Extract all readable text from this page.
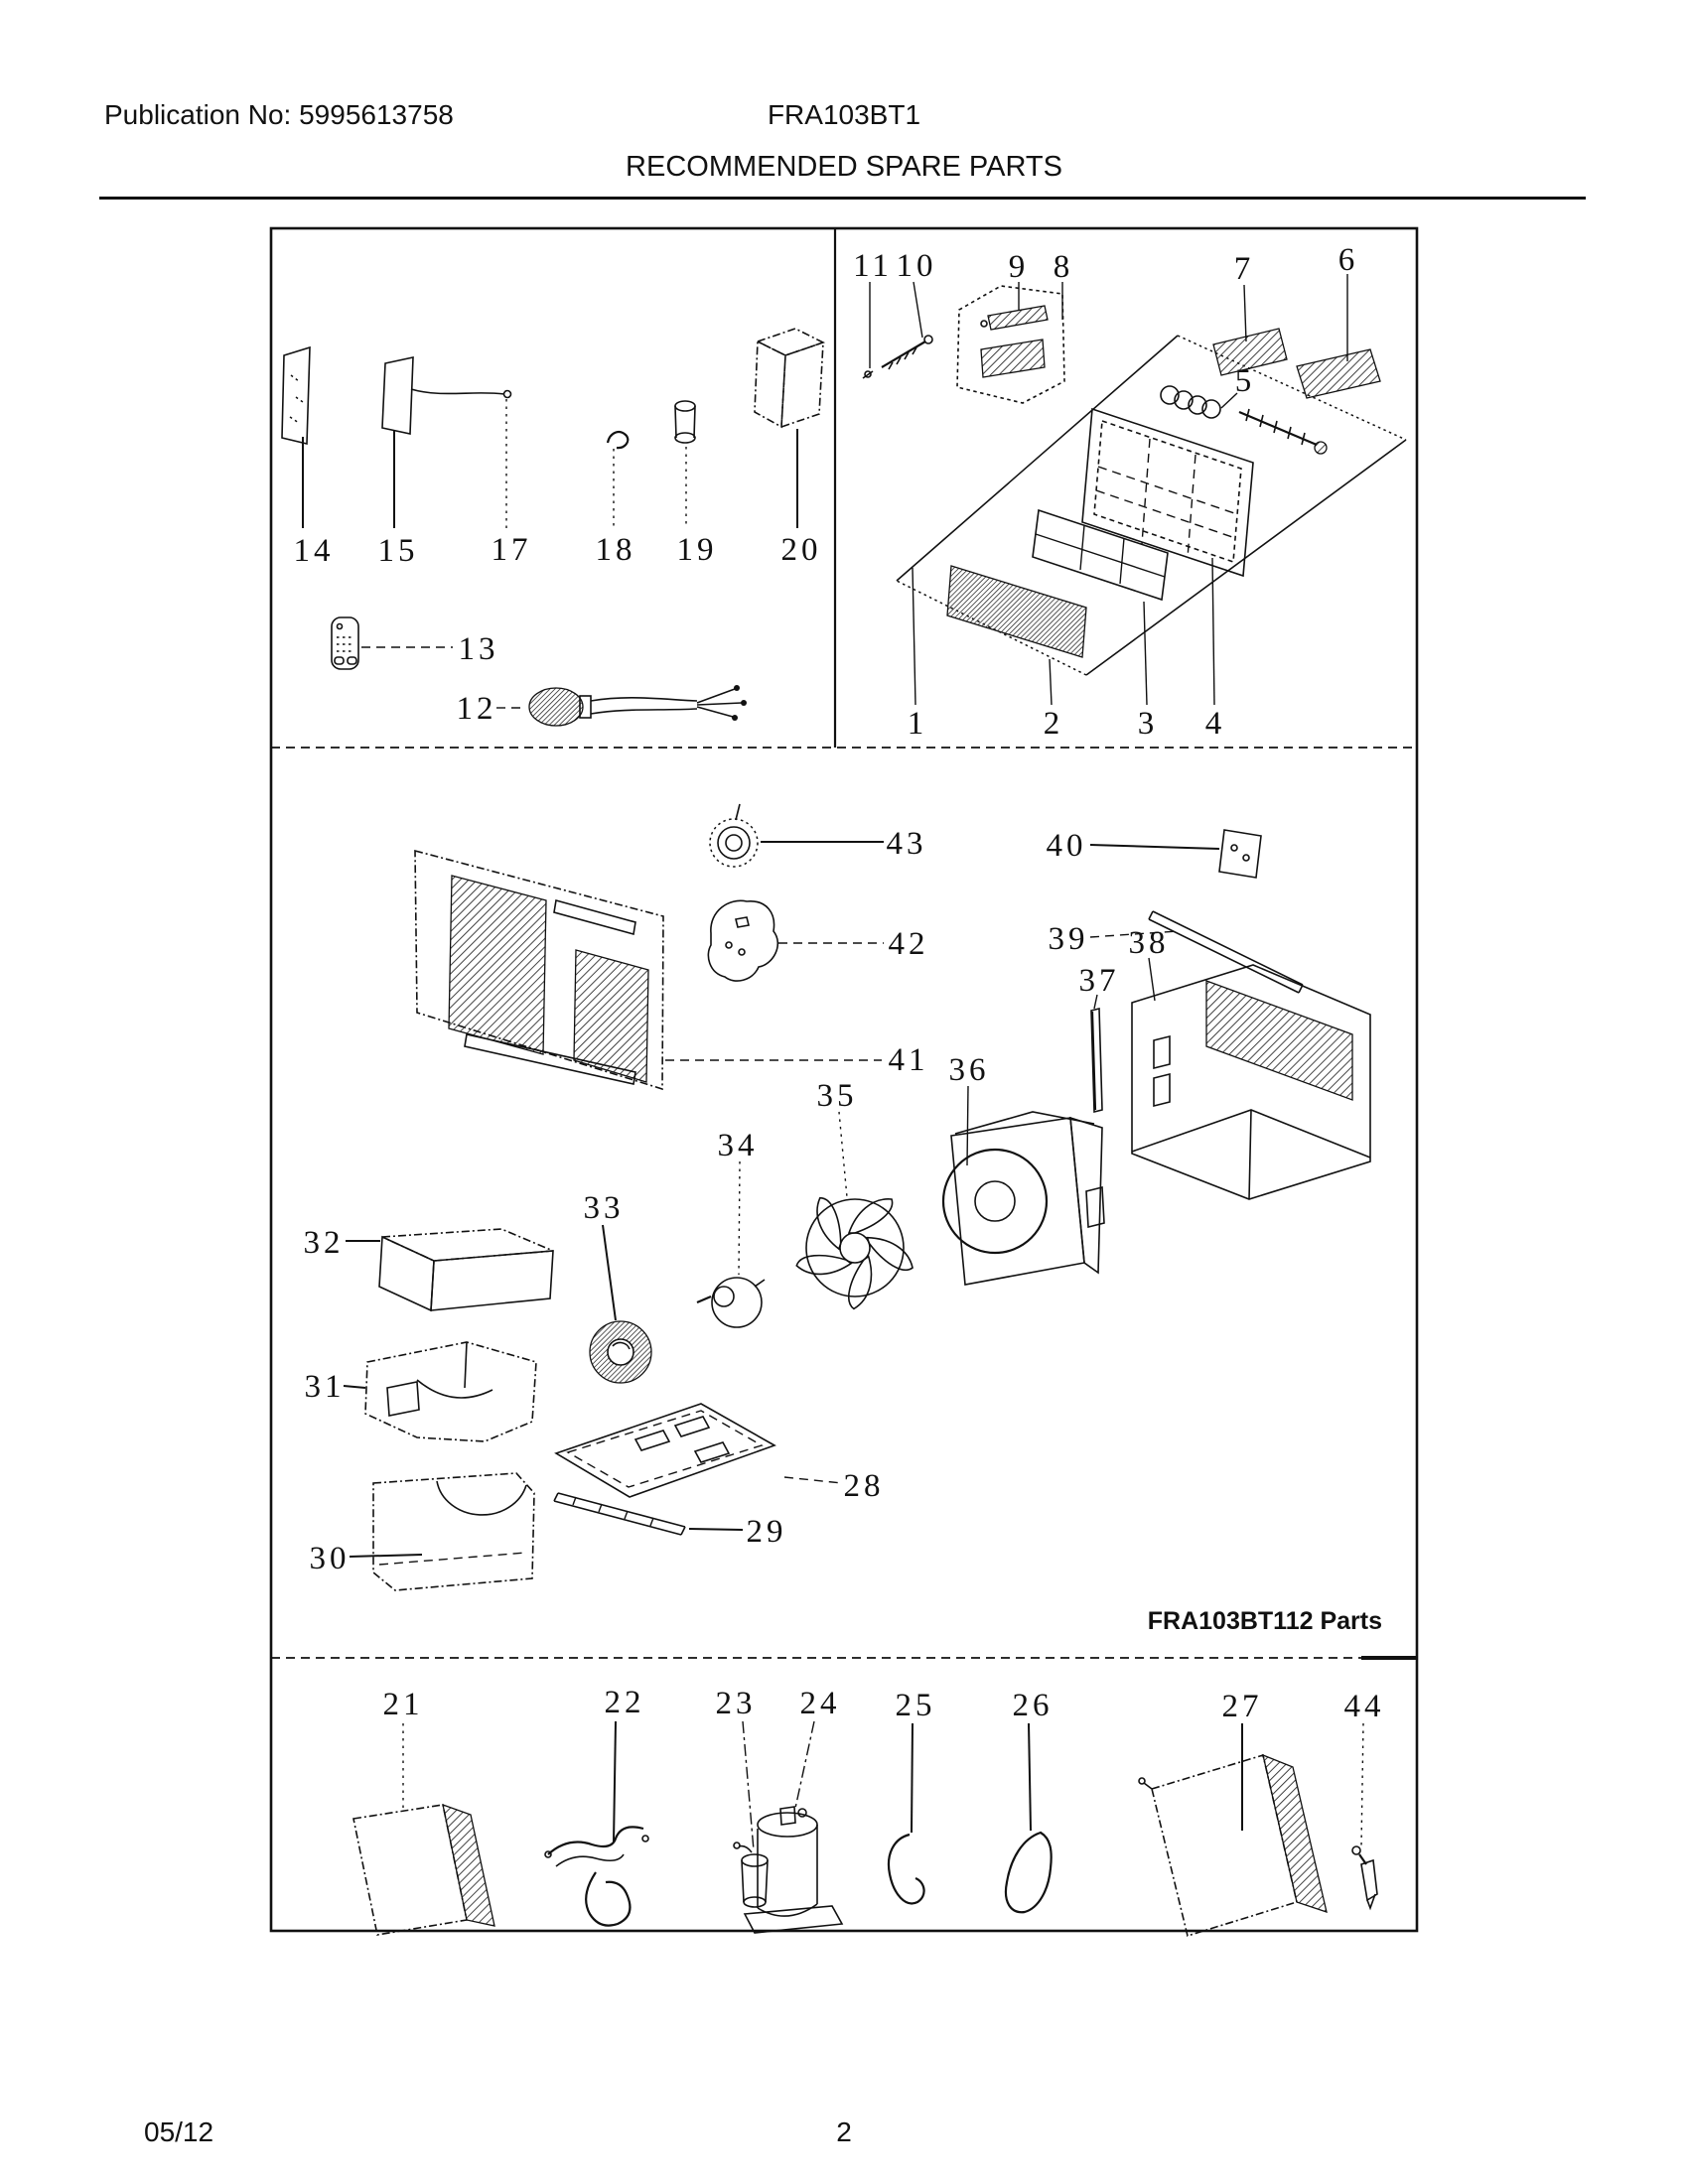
Publication No: 5995613758	FRA103BT1
RECOMMENDED SPARE PARTS
14 15 17 18 19 20
13
12
11 10	8
9	7	6
5
4
3
2
1
43	40
42	39
41
38
37
36
35
34
33
32
31
30
28
29
FRA103BT112 Parts
21	22 23 24 25 26	27 44
05/12	2
